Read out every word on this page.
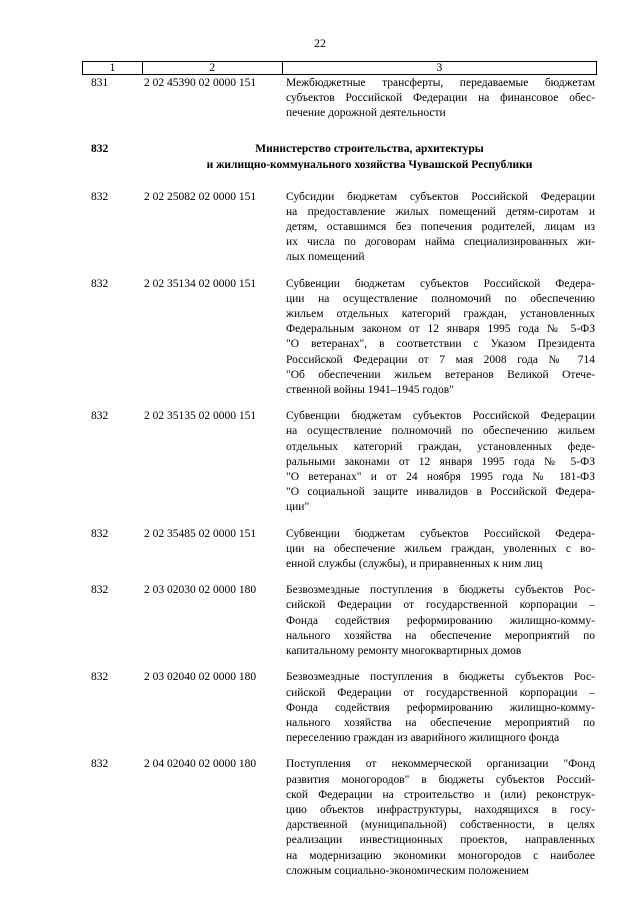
22
1	2	3
831	2 02 45390 02 0000 151	Межбюджетные трансферты, передаваемые бюджетам
субъектов Российской Федерации на финансовое обес-
печение дорожной деятельности
832	Министерство строительства, архитектуры
и жилищно-коммунального хозяйства Чувашской Республики
832	2 02 25082 02 0000 151	Субсидии бюджетам субъектов Российской Федерации
на предоставление жилых помещений детям-сиротам и
детям, оставшимся без попечения родителей, лицам из
их числа по договорам найма специализированных жи-
лых помещений
832	2 02 35134 02 0000 151	Субвенции бюджетам субъектов Российской Федера-
ции на осуществление полномочий по обеспечению
жильем отдельных категорий граждан, установленных
Федеральным законом от 12 января 1995 года № 5-ФЗ
"О ветеранах", в соответствии с Указом Президента
Российской Федерации от 7 мая 2008 года № 714
"Об обеспечении жильем ветеранов Великой Отече-
ственной войны 1941–1945 годов"
832	2 02 35135 02 0000 151	Субвенции бюджетам субъектов Российской Федерации
на осуществление полномочий по обеспечению жильем
отдельных категорий граждан, установленных феде-
ральными законами от 12 января 1995 года № 5-ФЗ
"О ветеранах" и от 24 ноября 1995 года № 181-ФЗ
"О социальной защите инвалидов в Российской Федера-
ции"
832	2 02 35485 02 0000 151	Субвенции бюджетам субъектов Российской Федера-
ции на обеспечение жильем граждан, уволенных с во-
енной службы (службы), и приравненных к ним лиц
832	2 03 02030 02 0000 180	Безвозмездные поступления в бюджеты субъектов Рос-
сийской Федерации от государственной корпорации –
Фонда содействия реформированию жилищно-комму-
нального хозяйства на обеспечение мероприятий по
капитальному ремонту многоквартирных домов
832	2 03 02040 02 0000 180	Безвозмездные поступления в бюджеты субъектов Рос-
сийской Федерации от государственной корпорации –
Фонда содействия реформированию жилищно-комму-
нального хозяйства на обеспечение мероприятий по
переселению граждан из аварийного жилищного фонда
832	2 04 02040 02 0000 180	Поступления от некоммерческой организации "Фонд
развития моногородов" в бюджеты субъектов Россий-
ской Федерации на строительство и (или) реконструк-
цию объектов инфраструктуры, находящихся в госу-
дарственной (муниципальной) собственности, в целях
реализации инвестиционных проектов, направленных
на модернизацию экономики моногородов с наиболее
сложным социально-экономическим положением
